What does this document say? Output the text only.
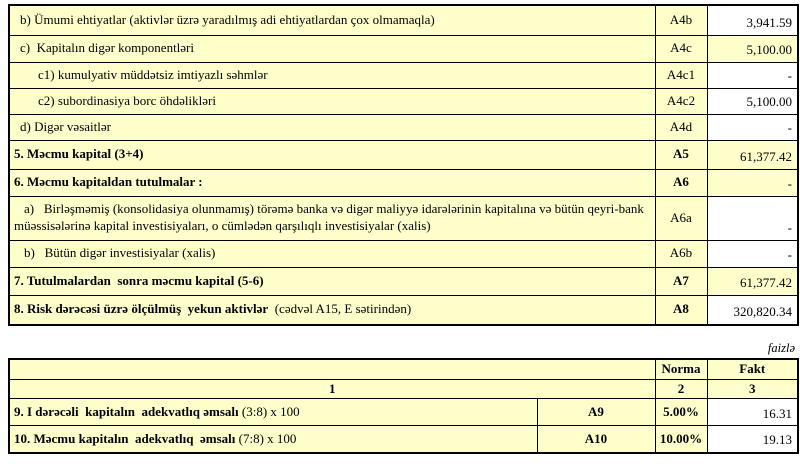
b) Ümumi ehtiyatlar (aktivlər üzrə yaradılmış adi ehtiyatlardan çox olmamaqla)	A4b	3,941.59
c)  Kapitalın digər komponentləri	A4c	5,100.00
c1) kumulyativ müddətsiz imtiyazlı səhmlər	A4c1	-
c2) subordinasiya borc öhdəlikləri	A4c2	5,100.00
d) Digər vəsaitlər	A4d	-
5. Məcmu kapital (3+4)	A5	61,377.42
6. Məcmu kapitaldan tutulmalar :	A6	-
a)   Birləşməmiş (konsolidasiya olunmamış) törəmə banka və digər maliyyə idarələrinin kapitalına və bütün qeyri-bank müəssisələrinə kapital investisiyaları, o cümlədən qarşılıqlı investisiyalar (xalis)	A6a	-
b)   Bütün digər investisiyalar (xalis)	A6b	-
7. Tutulmalardan  sonra məcmu kapital (5-6)	A7	61,377.42
8. Risk dərəcəsi üzrə ölçülmüş  yekun aktivlər  (cədvəl A15, E sətirindən)	A8	320,820.34
faizlə
		Norma	Fakt
1		2	3
9. I dərəcəli  kapitalın  adekvatlıq əmsalı (3:8) x 100	A9	5.00%	16.31
10. Məcmu kapitalın  adekvatlıq  əmsalı (7:8) x 100	A10	10.00%	19.13
